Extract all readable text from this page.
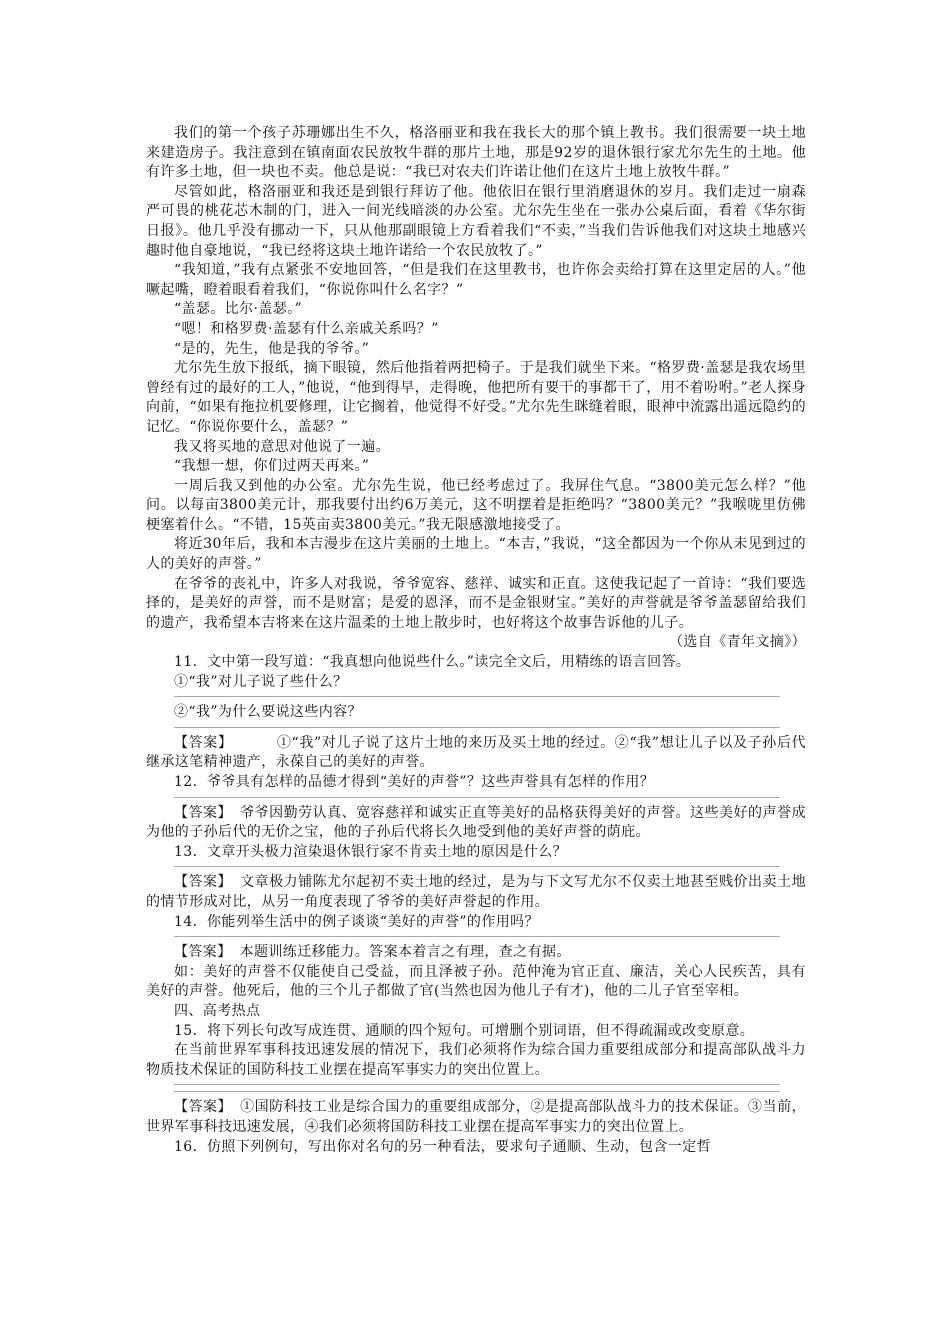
我们的第一个孩子苏珊娜出生不久，格洛丽亚和我在我长大的那个镇上教书。我们很需要一块土地来建造房子。我注意到在镇南面农民放牧牛群的那片土地，那是92岁的退休银行家尤尔先生的土地。他有许多土地，但一块也不卖。他总是说：“我已对农夫们许诺让他们在这片土地上放牧牛群。”

尽管如此，格洛丽亚和我还是到银行拜访了他。他依旧在银行里消磨退休的岁月。我们走过一扇森严可畏的桃花芯木制的门，进入一间光线暗淡的办公室。尤尔先生坐在一张办公桌后面，看着《华尔街日报》。他几乎没有挪动一下，只从他那副眼镜上方看着我们“不卖，”当我们告诉他我们对这块土地感兴趣时他自豪地说，“我已经将这块土地许诺给一个农民放牧了。”

“我知道，”我有点紧张不安地回答，“但是我们在这里教书，也许你会卖给打算在这里定居的人。”他噘起嘴，瞪着眼看着我们，“你说你叫什么名字？”

“盖瑟。比尔·盖瑟。”

“嗯！和格罗费·盖瑟有什么亲戚关系吗？”

“是的，先生，他是我的爷爷。”

尤尔先生放下报纸，摘下眼镜，然后他指着两把椅子。于是我们就坐下来。“格罗费·盖瑟是我农场里曾经有过的最好的工人，”他说，“他到得早，走得晚，他把所有要干的事都干了，用不着吩咐。”老人探身向前，“如果有拖拉机要修理，让它搁着，他觉得不好受。”尤尔先生眯缝着眼，眼神中流露出遥远隐约的记忆。“你说你要什么，盖瑟？”

我又将买地的意思对他说了一遍。

“我想一想，你们过两天再来。”

一周后我又到他的办公室。尤尔先生说，他已经考虑过了。我屏住气息。“3800美元怎么样？”他问。以每亩3800美元计，那我要付出约6万美元，这不明摆着是拒绝吗？“3800美元？”我喉咙里仿佛梗塞着什么。“不错，15英亩卖3800美元。”我无限感激地接受了。

将近30年后，我和本吉漫步在这片美丽的土地上。“本吉，”我说，“这全都因为一个你从未见到过的人的美好的声誉。”

在爷爷的丧礼中，许多人对我说，爷爷宽容、慈祥、诚实和正直。这使我记起了一首诗：“我们要选择的，是美好的声誉，而不是财富；是爱的恩泽，而不是金银财宝。”美好的声誉就是爷爷盖瑟留给我们的遗产，我希望本吉将来在这片温柔的土地上散步时，也好将这个故事告诉他的儿子。

（选自《青年文摘》）

11．文中第一段写道：“我真想向他说些什么。”读完全文后，用精练的语言回答。

①“我”对儿子说了些什么？

②“我”为什么要说这些内容？

【答案】	①“我”对儿子说了这片土地的来历及买土地的经过。②“我”想让儿子以及子孙后代继承这笔精神遗产，永葆自己的美好的声誉。

12．爷爷具有怎样的品德才得到“美好的声誉”？这些声誉具有怎样的作用？

【答案】 爷爷因勤劳认真、宽容慈祥和诚实正直等美好的品格获得美好的声誉。这些美好的声誉成为他的子孙后代的无价之宝，他的子孙后代将长久地受到他的美好声誉的荫庇。

13．文章开头极力渲染退休银行家不肯卖土地的原因是什么？

【答案】 文章极力铺陈尤尔起初不卖土地的经过，是为与下文写尤尔不仅卖土地甚至贱价出卖土地的情节形成对比，从另一角度表现了爷爷的美好声誉起的作用。

14．你能列举生活中的例子谈谈“美好的声誉”的作用吗？

【答案】 本题训练迁移能力。答案本着言之有理，查之有据。

如：美好的声誉不仅能使自己受益，而且泽被子孙。范仲淹为官正直、廉洁，关心人民疾苦，具有美好的声誉。他死后，他的三个儿子都做了官(当然也因为他儿子有才)，他的二儿子官至宰相。

四、高考热点

15．将下列长句改写成连贯、通顺的四个短句。可增删个别词语，但不得疏漏或改变原意。

在当前世界军事科技迅速发展的情况下，我们必须将作为综合国力重要组成部分和提高部队战斗力物质技术保证的国防科技工业摆在提高军事实力的突出位置上。

【答案】 ①国防科技工业是综合国力的重要组成部分，②是提高部队战斗力的技术保证。③当前，世界军事科技迅速发展，④我们必须将国防科技工业摆在提高军事实力的突出位置上。

16．仿照下列例句，写出你对名句的另一种看法，要求句子通顺、生动，包含一定哲
